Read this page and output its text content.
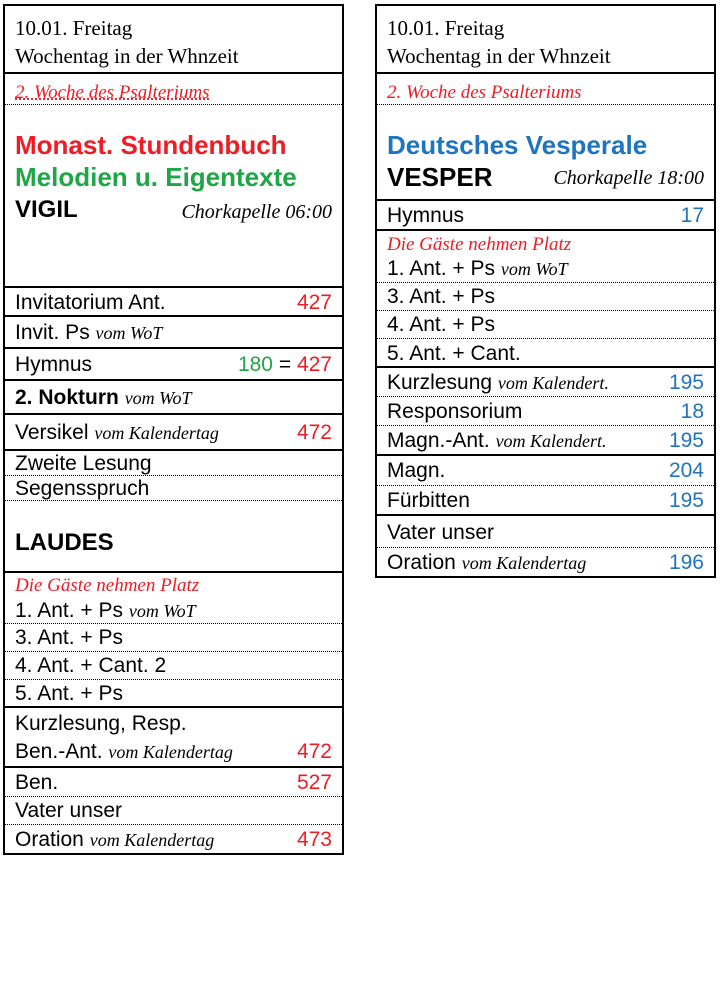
10.01. Freitag
Wochentag in der Whnzeit
2. Woche des Psalteriums
Monast. Stundenbuch
Melodien u. Eigentexte
VIGIL	Chorkapelle 06:00
Invitatorium Ant.	427
Invit. Ps vom WoT
Hymnus	180 = 427
2. Nokturn vom WoT
Versikel vom Kalendertag	472
Zweite Lesung
Segensspruch
LAUDES
Die Gäste nehmen Platz
1. Ant. + Ps vom WoT
3. Ant. + Ps
4. Ant. + Cant. 2
5. Ant. + Ps
Kurzlesung, Resp.
Ben.-Ant. vom Kalendertag	472
Ben.	527
Vater unser
Oration vom Kalendertag	473
10.01. Freitag
Wochentag in der Whnzeit
2. Woche des Psalteriums
Deutsches Vesperale
VESPER	Chorkapelle 18:00
Hymnus	17
Die Gäste nehmen Platz
1. Ant. + Ps vom WoT
3. Ant. + Ps
4. Ant. + Ps
5. Ant. + Cant.
Kurzlesung vom Kalendert.	195
Responsorium	18
Magn.-Ant. vom Kalendert.	195
Magn.	204
Fürbitten	195
Vater unser
Oration vom Kalendertag	196
